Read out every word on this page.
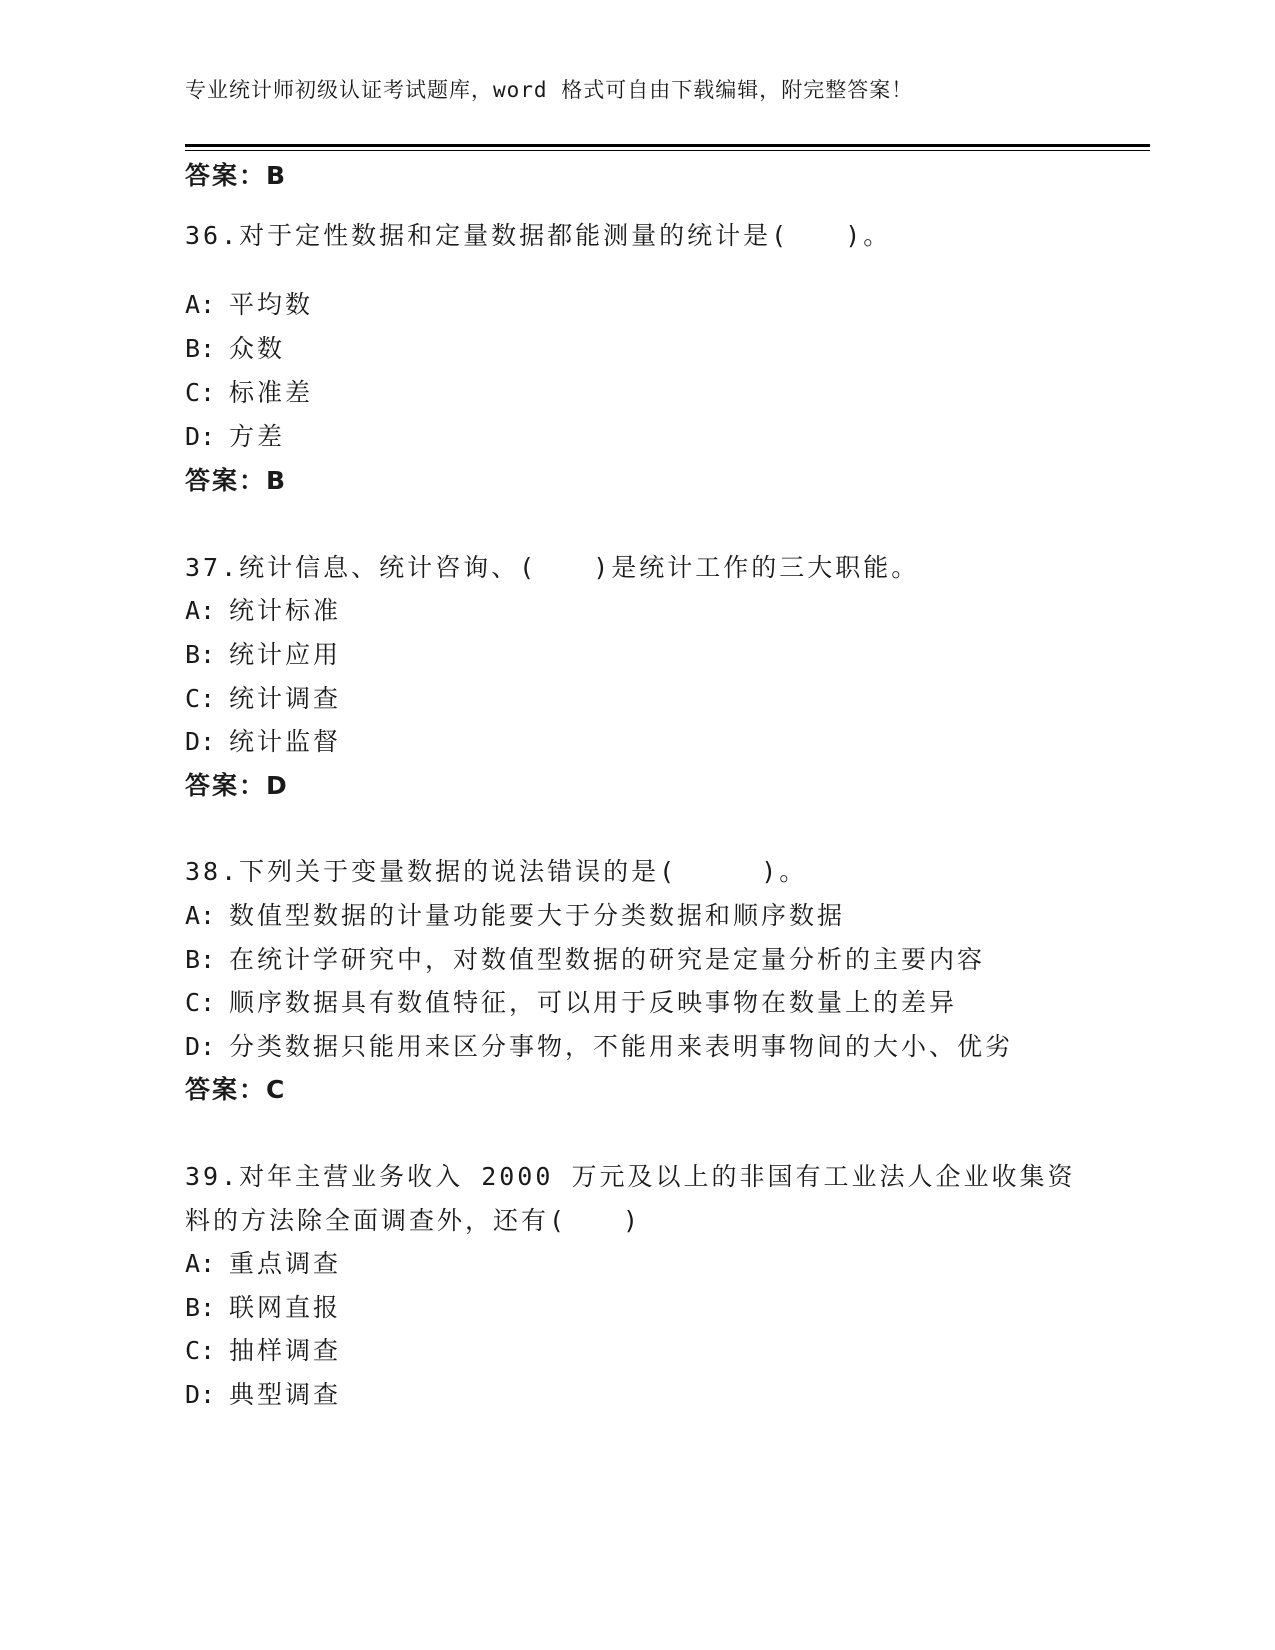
专业统计师初级认证考试题库，word 格式可自由下载编辑，附完整答案！
答案：B
36.对于定性数据和定量数据都能测量的统计是(　　)。
A: 平均数
B: 众数
C: 标准差
D: 方差
答案：B
37.统计信息、统计咨询、(　　)是统计工作的三大职能。
A: 统计标准
B: 统计应用
C: 统计调查
D: 统计监督
答案：D
38.下列关于变量数据的说法错误的是(　　　)。
A: 数值型数据的计量功能要大于分类数据和顺序数据
B: 在统计学研究中，对数值型数据的研究是定量分析的主要内容
C: 顺序数据具有数值特征，可以用于反映事物在数量上的差异
D: 分类数据只能用来区分事物，不能用来表明事物间的大小、优劣
答案：C
39.对年主营业务收入 2000 万元及以上的非国有工业法人企业收集资
料的方法除全面调查外，还有(　　)
A: 重点调查
B: 联网直报
C: 抽样调查
D: 典型调查
